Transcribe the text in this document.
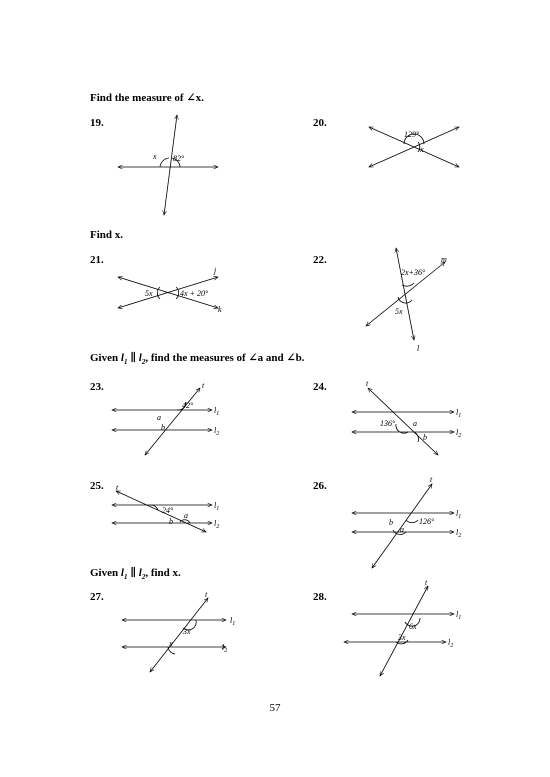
Find the measure of ∠x.
19.	20.
x 82°
129°
x
Find x.
21.	22.
j
k
5x	4x + 20°
m
l
2x+36°
5x
Given $l_1$ ∥ $l_2$, find the measures of ∠a and ∠b.
23.	24.
t
$l_1$
$l_2$
42°
a
b
t
$l_1$
$l_2$
136° a
b
25.	26.
t
$l_1$
$l_2$
24°
a
b
t
$l_1$
$l_2$
126°
a
b
Given $l_1$ ∥ $l_2$, find x.
27.	28.
t
$l_1$
$l_2$
3x
x
t
$l_1$
$l_2$
6x
3x
57
